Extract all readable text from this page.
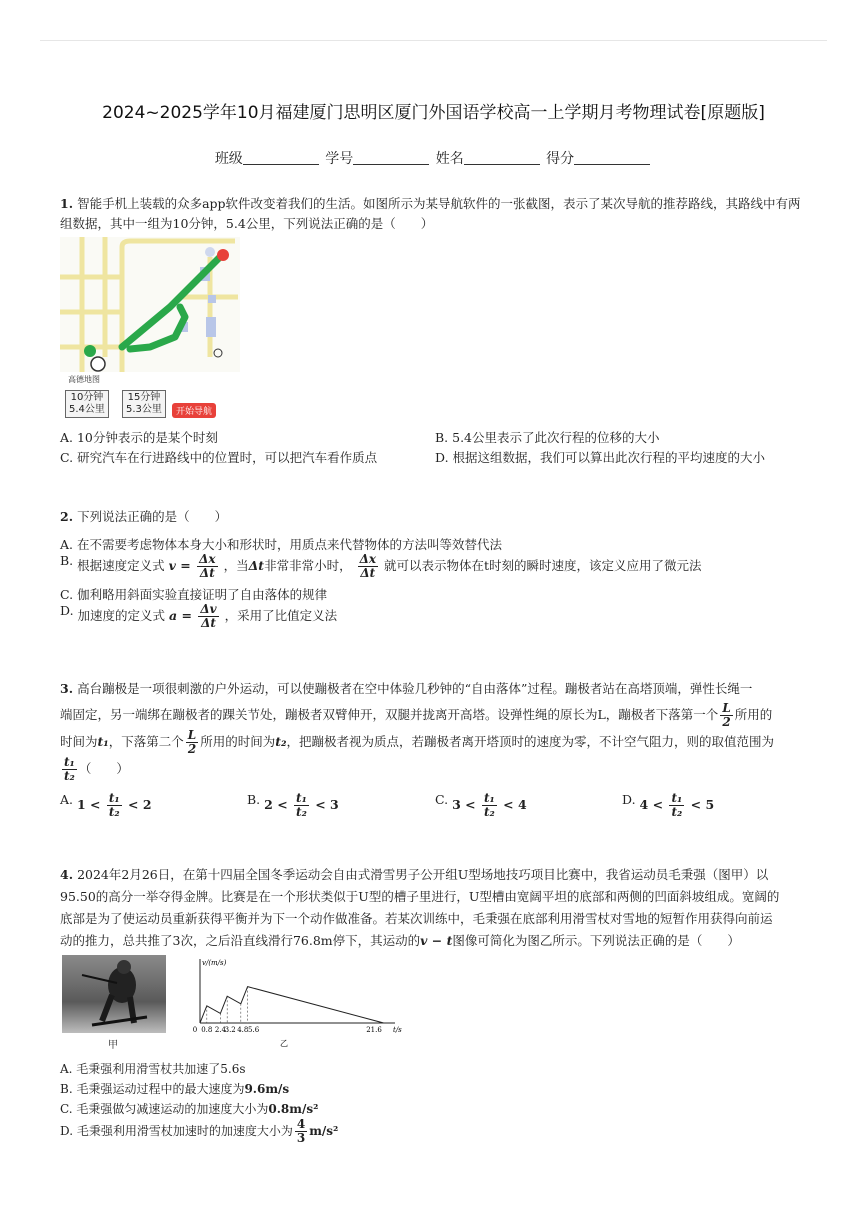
2024~2025学年10月福建厦门思明区厦门外国语学校高一上学期月考物理试卷[原题版]
班级	学号	姓名	得分

1. 智能手机上装载的众多app软件改变着我们的生活。如图所示为某导航软件的一张截图，表示了某次导航的推荐路线，其路线中有两组数据，其中一组为10分钟，5.4公里，下列说法正确的是（　　）

高德地图
10分钟
5.4公里
15分钟
5.3公里	开始导航
A. 10分钟表示的是某个时刻	B. 5.4公里表示了此次行程的位移的大小
C. 研究汽车在行进路线中的位置时，可以把汽车看作质点	D. 根据这组数据，我们可以算出此次行程的平均速度的大小

2. 下列说法正确的是（　　）

A. 在不需要考虑物体本身大小和形状时，用质点来代替物体的方法叫等效替代法
B. 根据速度定义式 $v = \frac{\Delta x}{\Delta t}$ ，当Δt非常非常小时， $\frac{\Delta x}{\Delta t}$ 就可以表示物体在t时刻的瞬时速度，该定义应用了微元法
C. 伽利略用斜面实验直接证明了自由落体的规律
D. 加速度的定义式 $a = \frac{\Delta v}{\Delta t}$ ，采用了比值定义法
3. 高台蹦极是一项很刺激的户外运动，可以使蹦极者在空中体验几秒钟的“自由落体”过程。蹦极者站在高塔顶端，弹性长绳一
端固定，另一端绑在蹦极者的踝关节处，蹦极者双臂伸开，双腿并拢离开高塔。设弹性绳的原长为L，蹦极者下落第一个 $\frac{L}{2}$ 所用的
时间为t₁，下落第二个 $\frac{L}{2}$ 所用的时间为t₂，把蹦极者视为质点，若蹦极者离开塔顶时的速度为零，不计空气阻力，则的取值范围为
$\frac{\text{t₁}}{\text{t₂}}$ （　　）
A. $1 < \frac{\text{t₁}}{\text{t₂}} < 2$	B. $2 < \frac{\text{t₁}}{\text{t₂}} < 3$	C. $3 < \frac{\text{t₁}}{\text{t₂}} < 4$	D. $4 < \frac{\text{t₁}}{\text{t₂}} < 5$
4. 2024年2月26日，在第十四届全国冬季运动会自由式滑雪男子公开组U型场地技巧项目比赛中，我省运动员毛秉强（图甲）以
95.50的高分一举夺得金牌。比赛是在一个形状类似于U型的槽子里进行，U型槽由宽阔平坦的底部和两侧的凹面斜坡组成。宽阔的
底部是为了使运动员重新获得平衡并为下一个动作做准备。若某次训练中，毛秉强在底部利用滑雪杖对雪地的短暂作用获得向前运
动的推力，总共推了3次，之后沿直线滑行76.8m停下，其运动的v − t图像可简化为图乙所示。下列说法正确的是（　　）
甲
v/(m/s)
t/s
0 0.8 2.4
3.2 4.8 5.6	21.6
乙
A. 毛秉强利用滑雪杖共加速了5.6s
B. 毛秉强运动过程中的最大速度为9.6m/s
C. 毛秉强做匀减速运动的加速度大小为0.8m/s²
D. 毛秉强利用滑雪杖加速时的加速度大小为 $\frac{4}{3} m/s^2$
